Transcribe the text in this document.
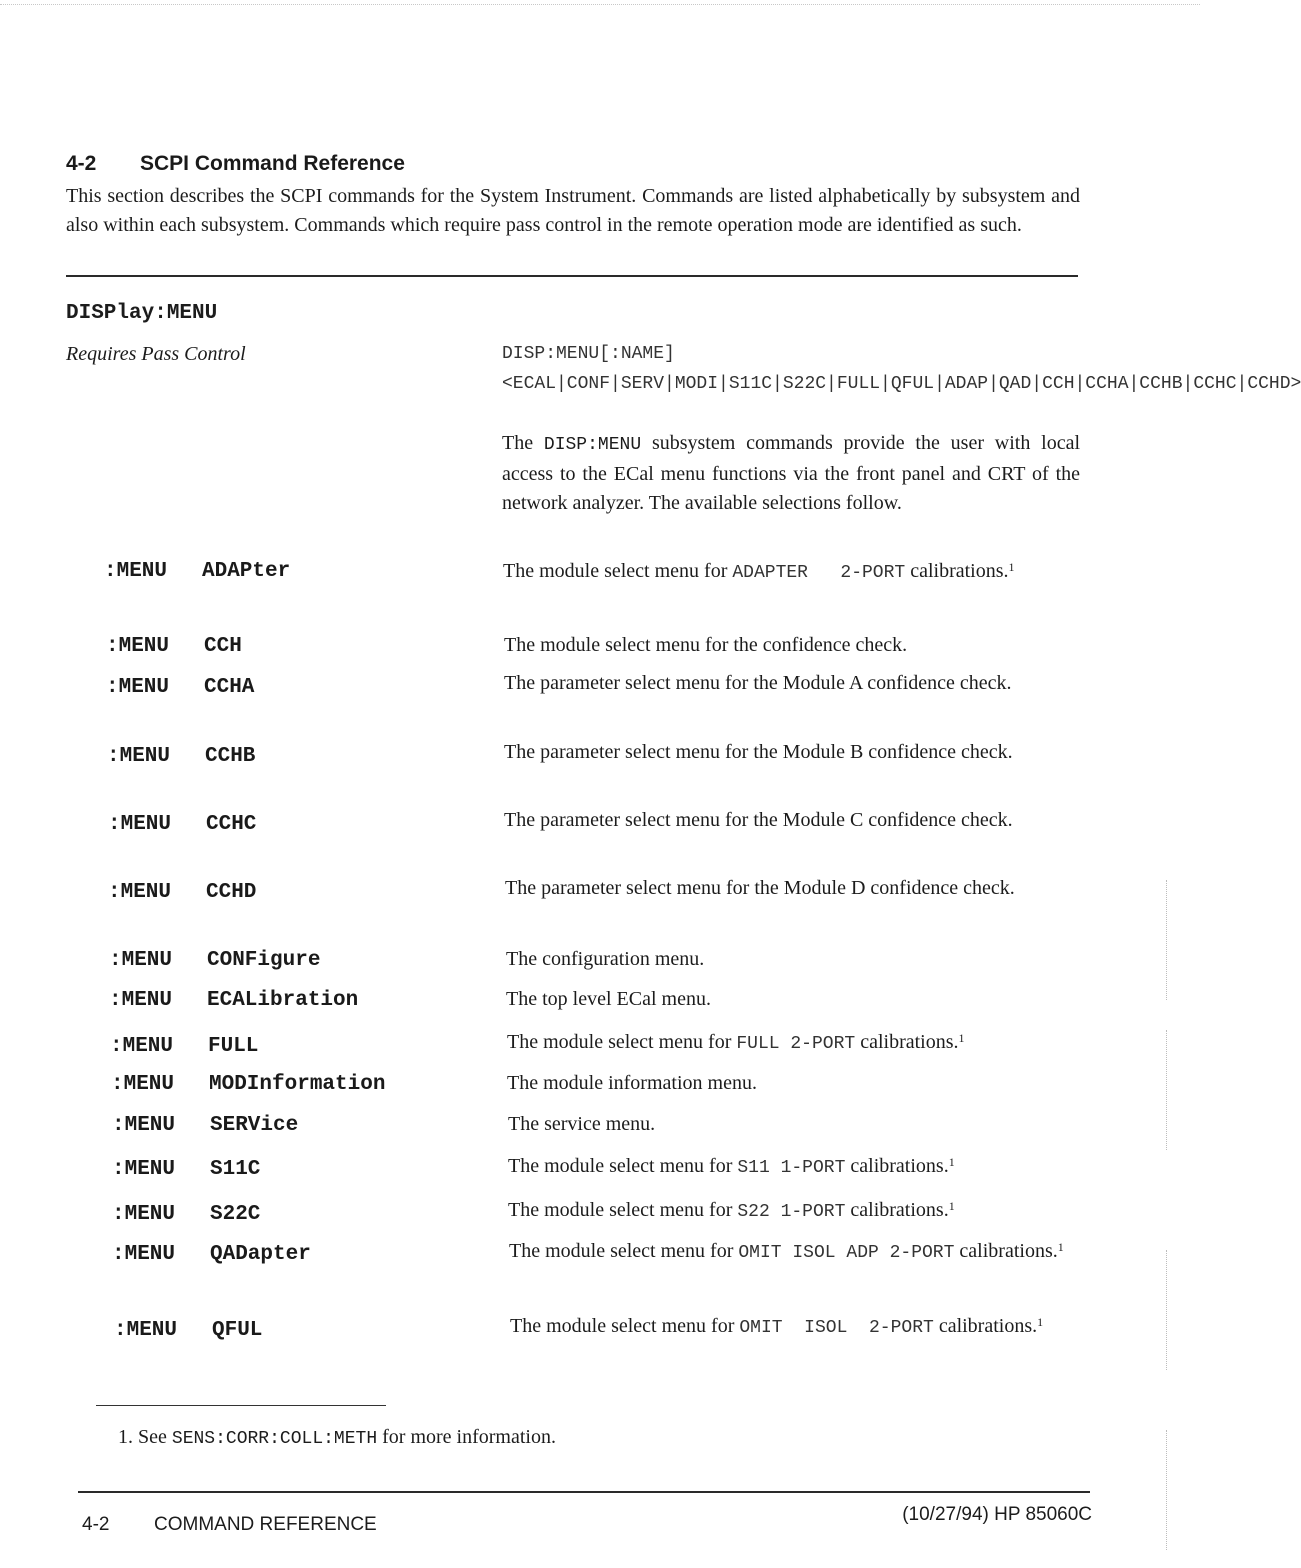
4-2 SCPI Command Reference
This section describes the SCPI commands for the System Instrument. Commands are listed alphabetically by subsystem and also within each subsystem. Commands which require pass control in the remote operation mode are identified as such.
DISPlay:MENU
Requires Pass Control	DISP:MENU[:NAME] <ECAL|CONF|SERV|MODI|S11C|S22C|FULL|QFUL|ADAP|QAD|CCH|CCHA|CCHB|CCHC|CCHD>
The DISP:MENU subsystem commands provide the user with local access to the ECal menu functions via the front panel and CRT of the network analyzer. The available selections follow.
:MENU ADAPter	The module select menu for ADAPTER   2-PORT calibrations.$^1$
:MENU CCH	The module select menu for the confidence check.
:MENU CCHA	The parameter select menu for the Module A confidence check.
:MENU CCHB	The parameter select menu for the Module B confidence check.
:MENU CCHC	The parameter select menu for the Module C confidence check.
:MENU CCHD	The parameter select menu for the Module D confidence check.
:MENU CONFigure	The configuration menu.
:MENU ECALibration	The top level ECal menu.
:MENU FULL	The module select menu for FULL 2-PORT calibrations.$^1$
:MENU MODInformation	The module information menu.
:MENU SERVice	The service menu.
:MENU S11C	The module select menu for S11 1-PORT calibrations.$^1$
:MENU S22C	The module select menu for S22 1-PORT calibrations.$^1$
:MENU QADapter	The module select menu for OMIT ISOL ADP 2-PORT calibrations.$^1$
:MENU QFUL	The module select menu for OMIT  ISOL  2-PORT calibrations.$^1$
1. See SENS:CORR:COLL:METH for more information.
4-2 COMMAND REFERENCE	(10/27/94) HP 85060C
